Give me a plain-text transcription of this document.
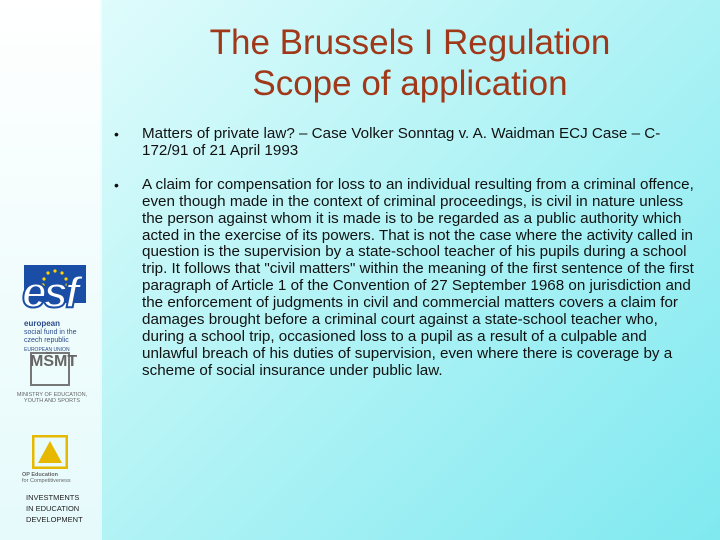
The Brussels I Regulation
Scope of application
•	Matters of private law? – Case Volker Sonntag v. A. Waidman ECJ Case – C- 172/91 of 21 April 1993
•	A claim for compensation for loss to an individual resulting from a criminal offence, even though made in the context of criminal proceedings, is civil in nature unless the person against whom it is made is to be regarded as a public authority which acted in the exercise of its powers. That is not the case where the activity called in question is the supervision by a state-school teacher of his pupils during a school trip. It follows that "civil matters" within the meaning of the first sentence of the first paragraph of Article 1 of the Convention of 27 September 1968 on jurisdiction and the enforcement of judgments in civil and commercial matters covers a claim for damages brought before a criminal court against a state-school teacher who, during a school trip, occasioned loss to a pupil as a result of a culpable and unlawful breach of his duties of supervision, even where there is coverage by a scheme of social insurance under public law.
esf
european
social fund in the
czech republic
EUROPEAN UNION
MŠMT
MINISTRY OF EDUCATION,
YOUTH AND SPORTS
OP Education
for Competitiveness
INVESTMENTS
IN EDUCATION
DEVELOPMENT
